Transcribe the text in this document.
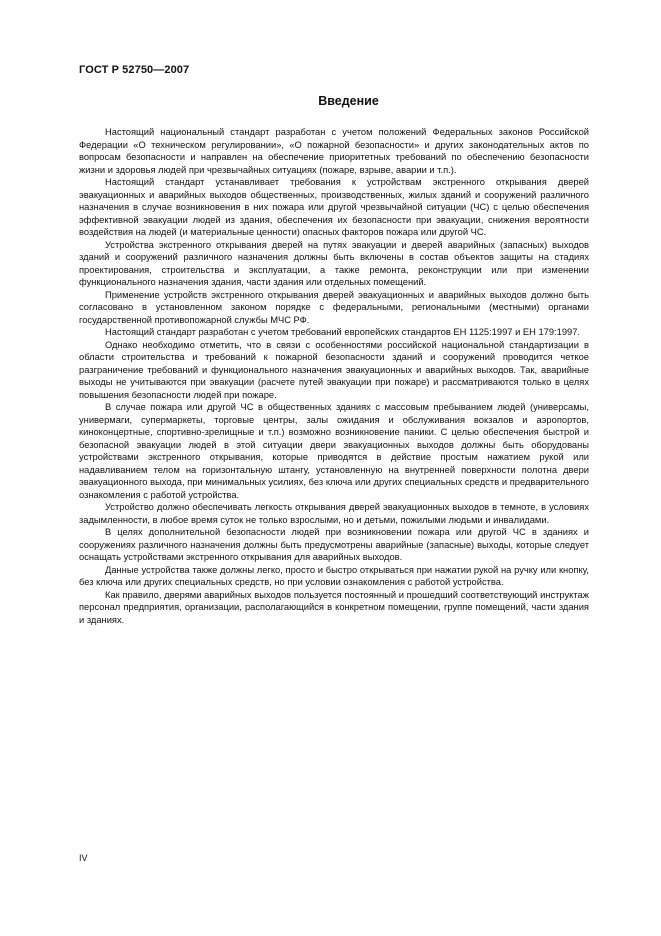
ГОСТ Р 52750—2007
Введение

Настоящий национальный стандарт разработан с учетом положений Федеральных законов Российской Федерации «О техническом регулировании», «О пожарной безопасности» и других законодательных актов по вопросам безопасности и направлен на обеспечение приоритетных требований по обеспечению безопасности жизни и здоровья людей при чрезвычайных ситуациях (пожаре, взрыве, аварии и т.п.).

Настоящий стандарт устанавливает требования к устройствам экстренного открывания дверей эвакуационных и аварийных выходов общественных, производственных, жилых зданий и сооружений различного назначения в случае возникновения в них пожара или другой чрезвычайной ситуации (ЧС) с целью обеспечения эффективной эвакуации людей из здания, обеспечения их безопасности при эвакуации, снижения вероятности воздействия на людей (и материальные ценности) опасных факторов пожара или другой ЧС.

Устройства экстренного открывания дверей на путях эвакуации и дверей аварийных (запасных) выходов зданий и сооружений различного назначения должны быть включены в состав объектов защиты на стадиях проектирования, строительства и эксплуатации, а также ремонта, реконструкции или при изменении функционального назначения здания, части здания или отдельных помещений.

Применение устройств экстренного открывания дверей эвакуационных и аварийных выходов должно быть согласовано в установленном законом порядке с федеральными, региональными (местными) органами государственной противопожарной службы МЧС РФ.

Настоящий стандарт разработан с учетом требований европейских стандартов ЕН 1125:1997 и ЕН 179:1997.

Однако необходимо отметить, что в связи с особенностями российской национальной стандартизации в области строительства и требований к пожарной безопасности зданий и сооружений проводится четкое разграничение требований и функционального назначения эвакуационных и аварийных выходов. Так, аварийные выходы не учитываются при эвакуации (расчете путей эвакуации при пожаре) и рассматриваются только в целях повышения безопасности людей при пожаре.

В случае пожара или другой ЧС в общественных зданиях с массовым пребыванием людей (универсамы, универмаги, супермаркеты, торговые центры, залы ожидания и обслуживания вокзалов и аэропортов, киноконцертные, спортивно-зрелищные и т.п.) возможно возникновение паники. С целью обеспечения быстрой и безопасной эвакуации людей в этой ситуации двери эвакуационных выходов должны быть оборудованы устройствами экстренного открывания, которые приводятся в действие простым нажатием рукой или надавливанием телом на горизонтальную штангу, установленную на внутренней поверхности полотна двери эвакуационного выхода, при минимальных усилиях, без ключа или других специальных средств и предварительного ознакомления с работой устройства.

Устройство должно обеспечивать легкость открывания дверей эвакуационных выходов в темноте, в условиях задымленности, в любое время суток не только взрослыми, но и детьми, пожилыми людьми и инвалидами.

В целях дополнительной безопасности людей при возникновении пожара или другой ЧС в зданиях и сооружениях различного назначения должны быть предусмотрены аварийные (запасные) выходы, которые следует оснащать устройствами экстренного открывания для аварийных выходов.

Данные устройства также должны легко, просто и быстро открываться при нажатии рукой на ручку или кнопку, без ключа или других специальных средств, но при условии ознакомления с работой устройства.

Как правило, дверями аварийных выходов пользуется постоянный и прошедший соответствующий инструктаж персонал предприятия, организации, располагающийся в конкретном помещении, группе помещений, части здания и зданиях.

IV
